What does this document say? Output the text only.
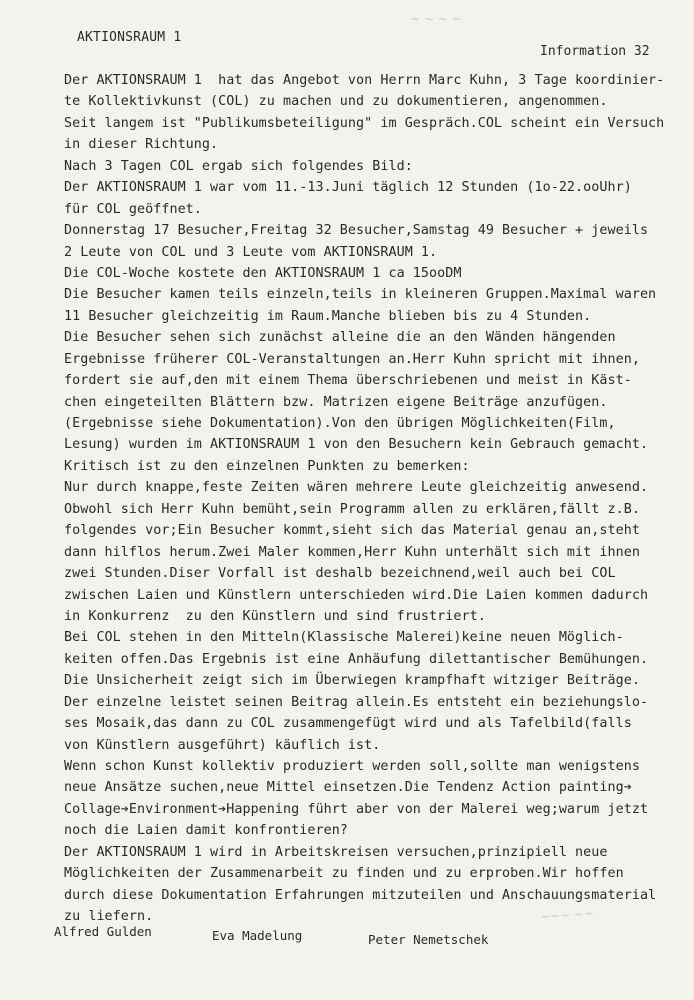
~ ~ ~ ~
~~~ ~~
AKTIONSRAUM 1
Information 32
Der AKTIONSRAUM 1  hat das Angebot von Herrn Marc Kuhn, 3 Tage koordinier-
te Kollektivkunst (COL) zu machen und zu dokumentieren, angenommen.
Seit langem ist "Publikumsbeteiligung" im Gespräch.COL scheint ein Versuch
in dieser Richtung.
Nach 3 Tagen COL ergab sich folgendes Bild:
Der AKTIONSRAUM 1 war vom 11.-13.Juni täglich 12 Stunden (1o-22.ooUhr)
für COL geöffnet.
Donnerstag 17 Besucher,Freitag 32 Besucher,Samstag 49 Besucher + jeweils
2 Leute von COL und 3 Leute vom AKTIONSRAUM 1.
Die COL-Woche kostete den AKTIONSRAUM 1 ca 15ooDM
Die Besucher kamen teils einzeln,teils in kleineren Gruppen.Maximal waren
11 Besucher gleichzeitig im Raum.Manche blieben bis zu 4 Stunden.
Die Besucher sehen sich zunächst alleine die an den Wänden hängenden
Ergebnisse früherer COL-Veranstaltungen an.Herr Kuhn spricht mit ihnen,
fordert sie auf,den mit einem Thema überschriebenen und meist in Käst-
chen eingeteilten Blättern bzw. Matrizen eigene Beiträge anzufügen.
(Ergebnisse siehe Dokumentation).Von den übrigen Möglichkeiten(Film,
Lesung) wurden im AKTIONSRAUM 1 von den Besuchern kein Gebrauch gemacht.
Kritisch ist zu den einzelnen Punkten zu bemerken:
Nur durch knappe,feste Zeiten wären mehrere Leute gleichzeitig anwesend.
Obwohl sich Herr Kuhn bemüht,sein Programm allen zu erklären,fällt z.B.
folgendes vor;Ein Besucher kommt,sieht sich das Material genau an,steht
dann hilflos herum.Zwei Maler kommen,Herr Kuhn unterhält sich mit ihnen
zwei Stunden.Diser Vorfall ist deshalb bezeichnend,weil auch bei COL
zwischen Laien und Künstlern unterschieden wird.Die Laien kommen dadurch
in Konkurrenz  zu den Künstlern und sind frustriert.
Bei COL stehen in den Mitteln(Klassische Malerei)keine neuen Möglich-
keiten offen.Das Ergebnis ist eine Anhäufung dilettantischer Bemühungen.
Die Unsicherheit zeigt sich im Überwiegen krampfhaft witziger Beiträge.
Der einzelne leistet seinen Beitrag allein.Es entsteht ein beziehungslo-
ses Mosaik,das dann zu COL zusammengefügt wird und als Tafelbild(falls
von Künstlern ausgeführt) käuflich ist.
Wenn schon Kunst kollektiv produziert werden soll,sollte man wenigstens
neue Ansätze suchen,neue Mittel einsetzen.Die Tendenz Action painting➔
Collage➔Environment➔Happening führt aber von der Malerei weg;warum jetzt
noch die Laien damit konfrontieren?
Der AKTIONSRAUM 1 wird in Arbeitskreisen versuchen,prinzipiell neue
Möglichkeiten der Zusammenarbeit zu finden und zu erproben.Wir hoffen
durch diese Dokumentation Erfahrungen mitzuteilen und Anschauungsmaterial
zu liefern.
Alfred Gulden	Eva Madelung	Peter Nemetschek
